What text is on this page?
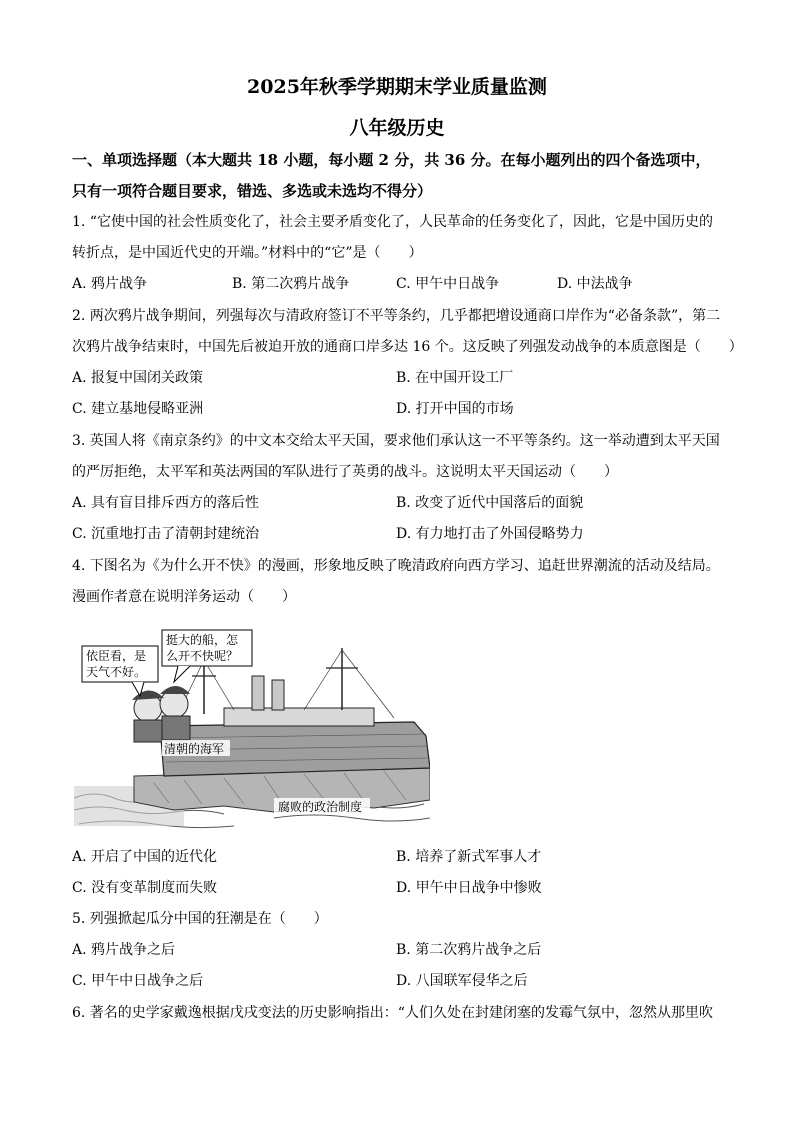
2025年秋季学期期末学业质量监测
八年级历史
一、单项选择题（本大题共 18 小题，每小题 2 分，共 36 分。在每小题列出的四个备选项中，
只有一项符合题目要求，错选、多选或未选均不得分）
1. “它使中国的社会性质变化了，社会主要矛盾变化了，人民革命的任务变化了，因此，它是中国历史的
转折点，是中国近代史的开端。”材料中的“它”是（　　）
A. 鸦片战争	B. 第二次鸦片战争	C. 甲午中日战争	D. 中法战争
2. 两次鸦片战争期间，列强每次与清政府签订不平等条约，几乎都把增设通商口岸作为“必备条款”，第二
次鸦片战争结束时，中国先后被迫开放的通商口岸多达 16 个。这反映了列强发动战争的本质意图是（　　）
A. 报复中国闭关政策	B. 在中国开设工厂
C. 建立基地侵略亚洲	D. 打开中国的市场
3. 英国人将《南京条约》的中文本交给太平天国，要求他们承认这一不平等条约。这一举动遭到太平天国
的严厉拒绝，太平军和英法两国的军队进行了英勇的战斗。这说明太平天国运动（　　）
A. 具有盲目排斥西方的落后性	B. 改变了近代中国落后的面貌
C. 沉重地打击了清朝封建统治	D. 有力地打击了外国侵略势力
4. 下图名为《为什么开不快》的漫画，形象地反映了晚清政府向西方学习、追赶世界潮流的活动及结局。
漫画作者意在说明洋务运动（　　）
依臣看，是
天气不好。
挺大的船，怎
么开不快呢？
清朝的海军
腐败的政治制度
A. 开启了中国的近代化	B. 培养了新式军事人才
C. 没有变革制度而失败	D. 甲午中日战争中惨败
5. 列强掀起瓜分中国的狂潮是在（　　）
A. 鸦片战争之后	B. 第二次鸦片战争之后
C. 甲午中日战争之后	D. 八国联军侵华之后
6. 著名的史学家戴逸根据戊戌变法的历史影响指出：“人们久处在封建闭塞的发霉气氛中，忽然从那里吹
